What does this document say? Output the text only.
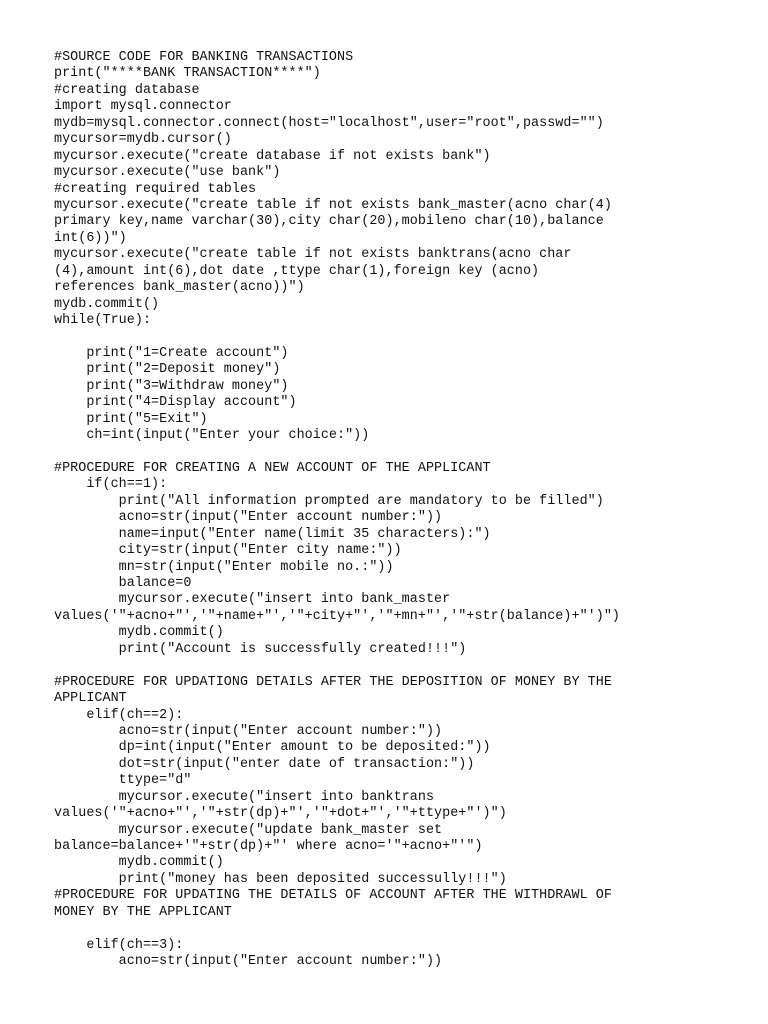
#SOURCE CODE FOR BANKING TRANSACTIONS
print("****BANK TRANSACTION****")
#creating database
import mysql.connector
mydb=mysql.connector.connect(host="localhost",user="root",passwd="")
mycursor=mydb.cursor()
mycursor.execute("create database if not exists bank")
mycursor.execute("use bank")
#creating required tables
mycursor.execute("create table if not exists bank_master(acno char(4)
primary key,name varchar(30),city char(20),mobileno char(10),balance
int(6))")
mycursor.execute("create table if not exists banktrans(acno char
(4),amount int(6),dot date ,ttype char(1),foreign key (acno)
references bank_master(acno))")
mydb.commit()
while(True):
print("1=Create account")
print("2=Deposit money")
print("3=Withdraw money")
print("4=Display account")
print("5=Exit")
ch=int(input("Enter your choice:"))
#PROCEDURE FOR CREATING A NEW ACCOUNT OF THE APPLICANT
if(ch==1):
print("All information prompted are mandatory to be filled")
acno=str(input("Enter account number:"))
name=input("Enter name(limit 35 characters):")
city=str(input("Enter city name:"))
mn=str(input("Enter mobile no.:"))
balance=0
mycursor.execute("insert into bank_master
values('"+acno+"','"+name+"','"+city+"','"+mn+"','"+str(balance)+"')")
mydb.commit()
print("Account is successfully created!!!")
#PROCEDURE FOR UPDATIONG DETAILS AFTER THE DEPOSITION OF MONEY BY THE
APPLICANT
elif(ch==2):
acno=str(input("Enter account number:"))
dp=int(input("Enter amount to be deposited:"))
dot=str(input("enter date of transaction:"))
ttype="d"
mycursor.execute("insert into banktrans
values('"+acno+"','"+str(dp)+"','"+dot+"','"+ttype+"')")
mycursor.execute("update bank_master set
balance=balance+'"+str(dp)+"' where acno='"+acno+"'")
mydb.commit()
print("money has been deposited successully!!!")
#PROCEDURE FOR UPDATING THE DETAILS OF ACCOUNT AFTER THE WITHDRAWL OF
MONEY BY THE APPLICANT
elif(ch==3):
acno=str(input("Enter account number:"))
